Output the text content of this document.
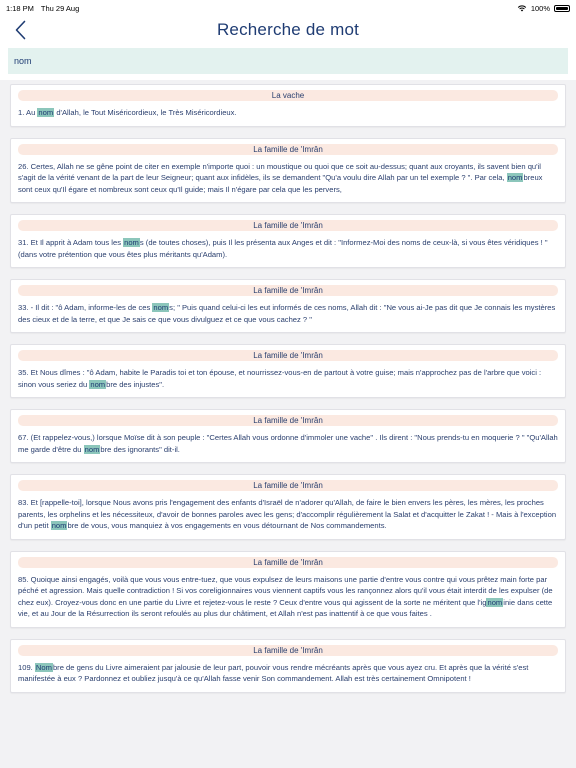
1:18 PM Thu 29 Aug	100%
Recherche de mot
nom
La vache

1. Au nom d'Allah, le Tout Miséricordieux, le Très Miséricordieux.

La famille de 'Imrân

26. Certes, Allah ne se gêne point de citer en exemple n'importe quoi : un moustique ou quoi que ce soit au-dessus; quant aux croyants, ils savent bien qu'il s'agit de la vérité venant de la part de leur Seigneur; quant aux infidèles, ils se demandent "Qu'a voulu dire Allah par un tel exemple ? ". Par cela, nombreux sont ceux qu'Il égare et nombreux sont ceux qu'Il guide; mais Il n'égare par cela que les pervers,

La famille de 'Imrân

31. Et Il apprit à Adam tous les noms (de toutes choses), puis Il les présenta aux Anges et dit : "Informez-Moi des noms de ceux-là, si vous êtes véridiques ! " (dans votre prétention que vous êtes plus méritants qu'Adam).

La famille de 'Imrân

33. - Il dit : "ô Adam, informe-les de ces noms; " Puis quand celui-ci les eut informés de ces noms, Allah dit : "Ne vous ai-Je pas dit que Je connais les mystères des cieux et de la terre, et que Je sais ce que vous divulguez et ce que vous cachez ? "

La famille de 'Imrân

35. Et Nous dîmes : "ô Adam, habite le Paradis toi et ton épouse, et nourrissez-vous-en de partout à votre guise; mais n'approchez pas de l'arbre que voici : sinon vous seriez du nombre des injustes".

La famille de 'Imrân

67. (Et rappelez-vous,) lorsque Moïse dit à son peuple : "Certes Allah vous ordonne d'immoler une vache" . Ils dirent : "Nous prends-tu en moquerie ? " "Qu'Allah me garde d'être du nombre des ignorants" dit-il.

La famille de 'Imrân

83. Et [rappelle-toi], lorsque Nous avons pris l'engagement des enfants d'Israël de n'adorer qu'Allah, de faire le bien envers les pères, les mères, les proches parents, les orphelins et les nécessiteux, d'avoir de bonnes paroles avec les gens; d'accomplir régulièrement la Salat et d'acquitter le Zakat ! - Mais à l'exception d'un petit nombre de vous, vous manquiez à vos engagements en vous détournant de Nos commandements.

La famille de 'Imrân

85. Quoique ainsi engagés, voilà que vous vous entre-tuez, que vous expulsez de leurs maisons une partie d'entre vous contre qui vous prêtez main forte par péché et agression. Mais quelle contradiction ! Si vos coreligionnaires vous viennent captifs vous les rançonnez alors qu'il vous était interdit de les expulser (de chez eux). Croyez-vous donc en une partie du Livre et rejetez-vous le reste ? Ceux d'entre vous qui agissent de la sorte ne méritent que l'ignominie dans cette vie, et au Jour de la Résurrection ils seront refoulés au plus dur châtiment, et Allah n'est pas inattentif à ce que vous faites .

La famille de 'Imrân

109. Nombre de gens du Livre aimeraient par jalousie de leur part, pouvoir vous rendre mécréants après que vous ayez cru. Et après que la vérité s'est manifestée à eux ? Pardonnez et oubliez jusqu'à ce qu'Allah fasse venir Son commandement. Allah est très certainement Omnipotent !
